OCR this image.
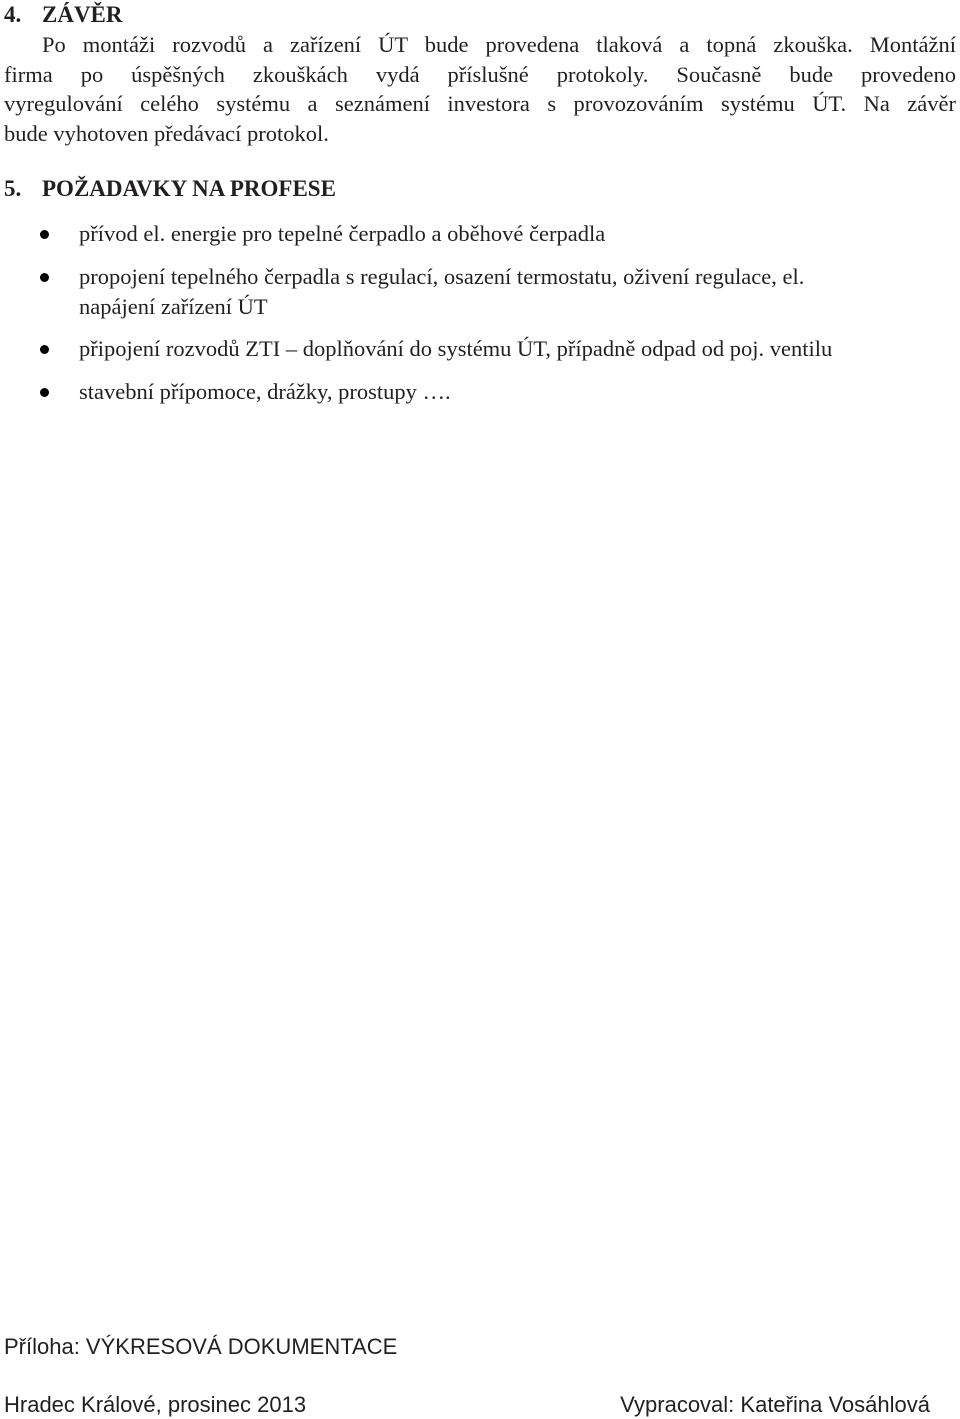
4. ZÁVĚR
Po montáži rozvodů a zařízení ÚT bude provedena tlaková a topná zkouška. Montážní
firma po úspěšných zkouškách vydá příslušné protokoly. Současně bude provedeno
vyregulování celého systému a seznámení investora s provozováním systému ÚT. Na závěr
bude vyhotoven předávací protokol.
5. POŽADAVKY NA PROFESE
přívod el. energie pro tepelné čerpadlo a oběhové čerpadla
propojení tepelného čerpadla s regulací, osazení termostatu, oživení regulace, el.
napájení zařízení ÚT
připojení rozvodů ZTI – doplňování do systému ÚT, případně odpad od poj. ventilu
stavební přípomoce, drážky, prostupy ….
Příloha: VÝKRESOVÁ DOKUMENTACE
Hradec Králové, prosinec 2013	Vypracoval: Kateřina Vosáhlová
